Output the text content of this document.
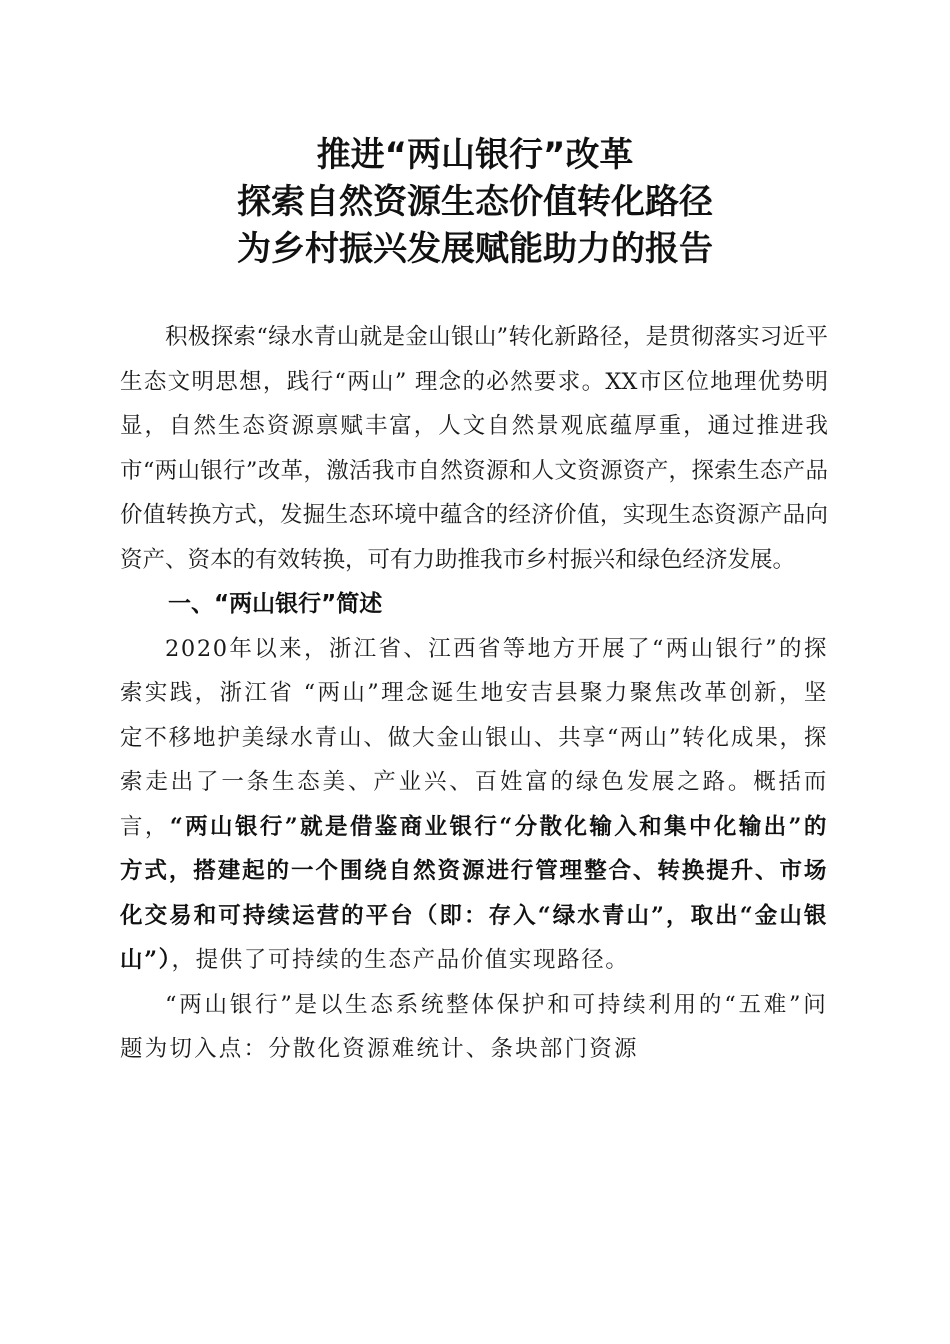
推进“两山银行”改革
探索自然资源生态价值转化路径
为乡村振兴发展赋能助力的报告

积极探索“绿水青山就是金山银山”转化新路径，是贯彻落实习近平生态文明思想，践行“两山” 理念的必然要求。XX市区位地理优势明显，自然生态资源禀赋丰富，人文自然景观底蕴厚重，通过推进我市“两山银行”改革，激活我市自然资源和人文资源资产，探索生态产品价值转换方式，发掘生态环境中蕴含的经济价值，实现生态资源产品向资产、资本的有效转换，可有力助推我市乡村振兴和绿色经济发展。

一、“两山银行”简述

2020年以来，浙江省、江西省等地方开展了“两山银行”的探索实践，浙江省 “两山”理念诞生地安吉县聚力聚焦改革创新，坚定不移地护美绿水青山、做大金山银山、共享“两山”转化成果，探索走出了一条生态美、产业兴、百姓富的绿色发展之路。概括而言，“两山银行”就是借鉴商业银行“分散化输入和集中化输出”的方式，搭建起的一个围绕自然资源进行管理整合、转换提升、市场化交易和可持续运营的平台（即：存入“绿水青山”，取出“金山银山”），提供了可持续的生态产品价值实现路径。

“两山银行”是以生态系统整体保护和可持续利用的“五难”问题为切入点：分散化资源难统计、条块部门资源
